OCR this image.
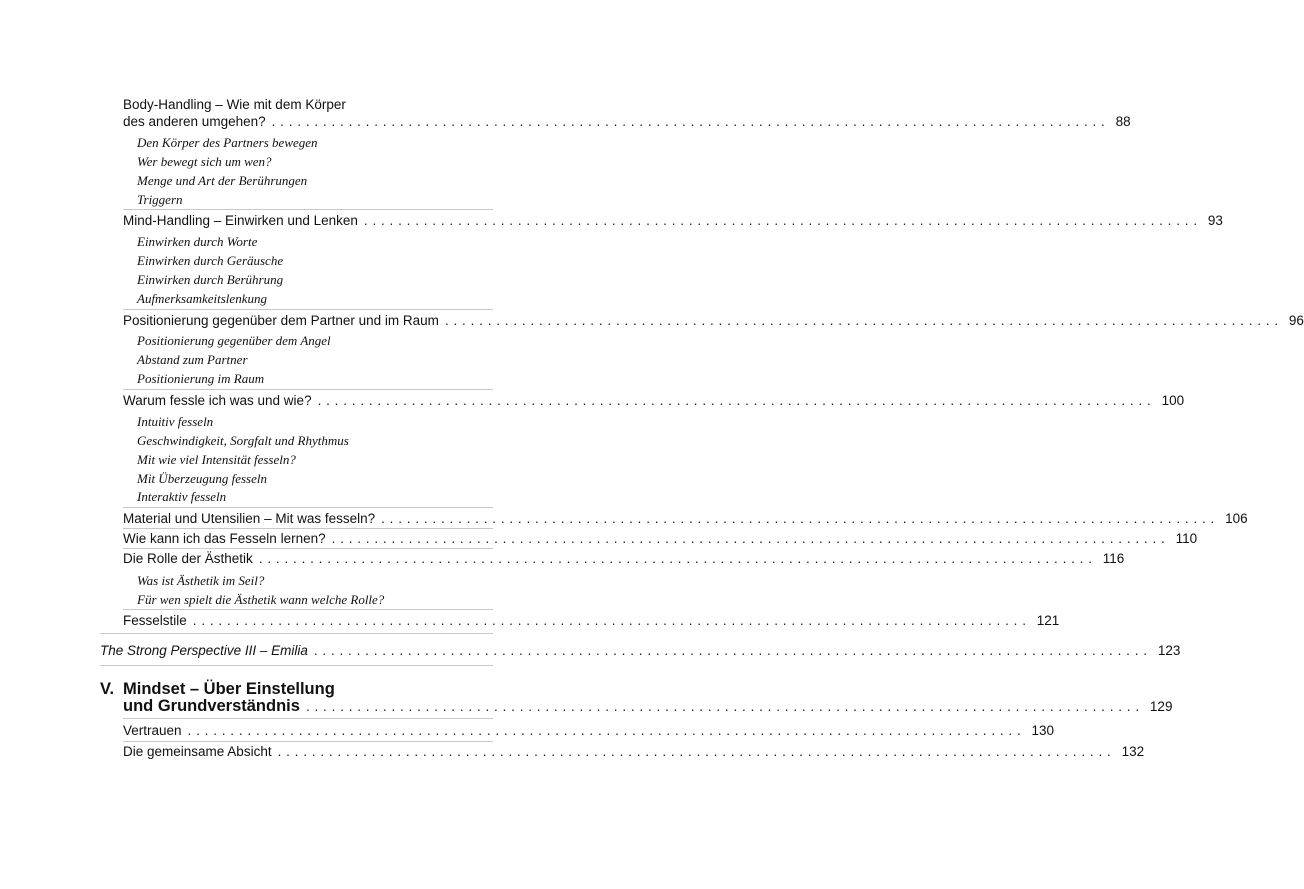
Body-Handling – Wie mit dem Körper
des anderen umgehen? .................................................................................................. 88
Den Körper des Partners bewegen
Wer bewegt sich um wen?
Menge und Art der Berührungen
Triggern
Mind-Handling – Einwirken und Lenken .................................................................................................. 93
Einwirken durch Worte
Einwirken durch Geräusche
Einwirken durch Berührung
Aufmerksamkeitslenkung
Positionierung gegenüber dem Partner und im Raum .................................................................................................. 96
Positionierung gegenüber dem Angel
Abstand zum Partner
Positionierung im Raum
Warum fessle ich was und wie? .................................................................................................. 100
Intuitiv fesseln
Geschwindigkeit, Sorgfalt und Rhythmus
Mit wie viel Intensität fesseln?
Mit Überzeugung fesseln
Interaktiv fesseln
Material und Utensilien – Mit was fesseln? .................................................................................................. 106
Wie kann ich das Fesseln lernen? .................................................................................................. 110
Die Rolle der Ästhetik .................................................................................................. 116
Was ist Ästhetik im Seil?
Für wen spielt die Ästhetik wann welche Rolle?
Fesselstile .................................................................................................. 121
The Strong Perspective III – Emilia .................................................................................................. 123
V. Mindset – Über Einstellung
und Grundverständnis .................................................................................................. 129
Vertrauen .................................................................................................. 130
Die gemeinsame Absicht .................................................................................................. 132
